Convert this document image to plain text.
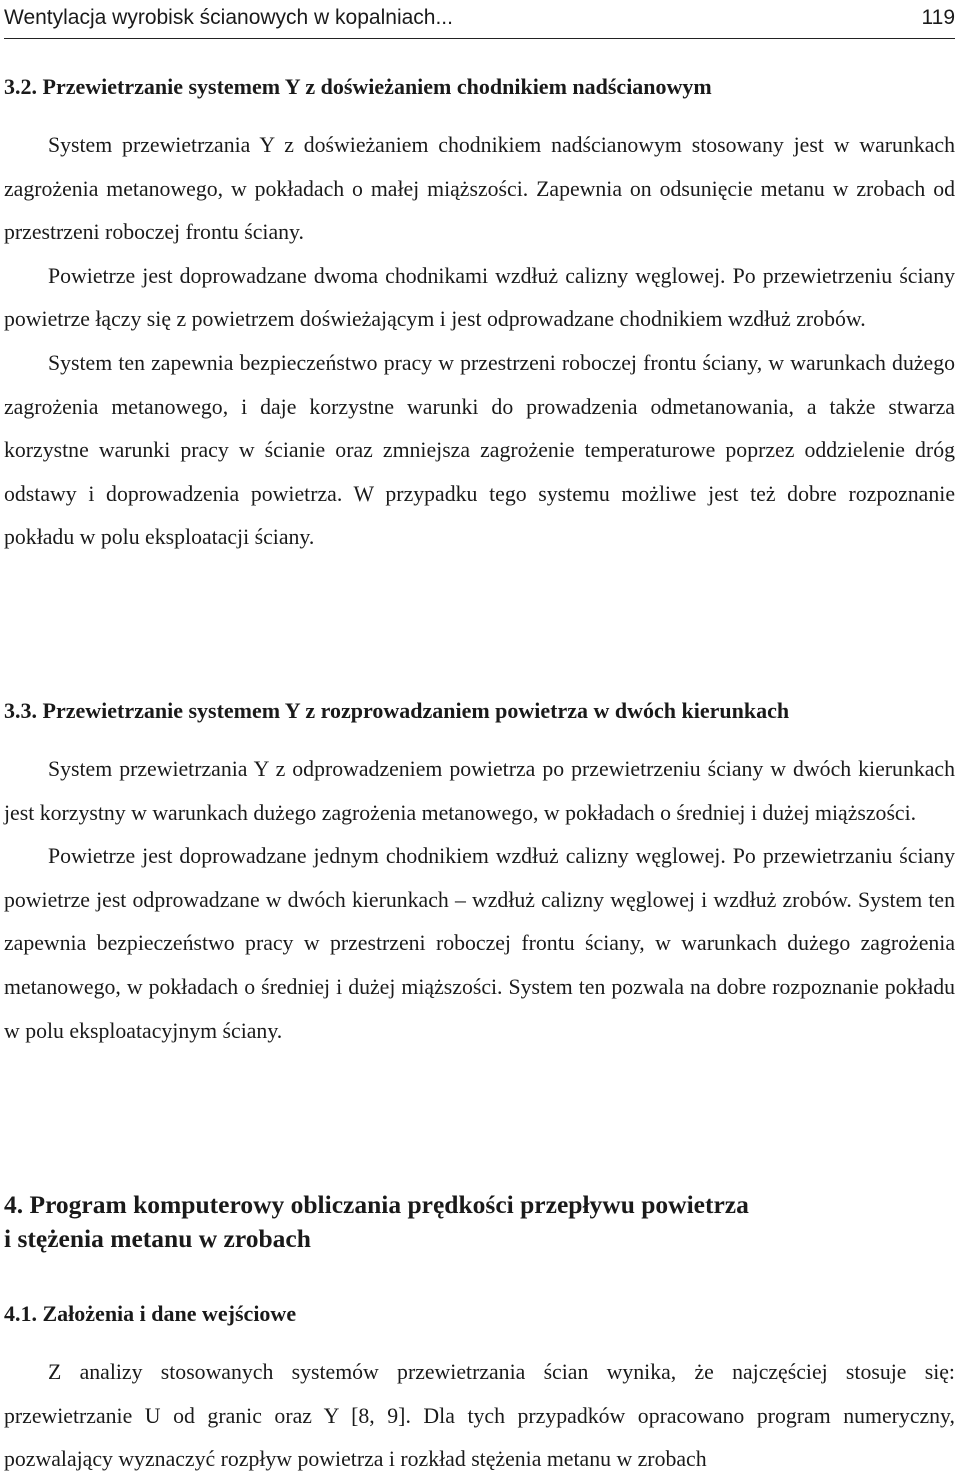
Wentylacja wyrobisk ścianowych w kopalniach...	119
3.2. Przewietrzanie systemem Y z doświeżaniem chodnikiem nadścianowym

System przewietrzania Y z doświeżaniem chodnikiem nadścianowym stosowany jest w warunkach zagrożenia metanowego, w pokładach o małej miąższości. Zapewnia on odsunięcie metanu w zrobach od przestrzeni roboczej frontu ściany.

Powietrze jest doprowadzane dwoma chodnikami wzdłuż calizny węglowej. Po przewietrzeniu ściany powietrze łączy się z powietrzem doświeżającym i jest odprowadzane chodnikiem wzdłuż zrobów.

System ten zapewnia bezpieczeństwo pracy w przestrzeni roboczej frontu ściany, w warunkach dużego zagrożenia metanowego, i daje korzystne warunki do prowadzenia odmetanowania, a także stwarza korzystne warunki pracy w ścianie oraz zmniejsza zagrożenie temperaturowe poprzez oddzielenie dróg odstawy i doprowadzenia powietrza. W przypadku tego systemu możliwe jest też dobre rozpoznanie pokładu w polu eksploatacji ściany.

3.3. Przewietrzanie systemem Y z rozprowadzaniem powietrza w dwóch kierunkach

System przewietrzania Y z odprowadzeniem powietrza po przewietrzeniu ściany w dwóch kierunkach jest korzystny w warunkach dużego zagrożenia metanowego, w pokładach o średniej i dużej miąższości.

Powietrze jest doprowadzane jednym chodnikiem wzdłuż calizny węglowej. Po przewietrzaniu ściany powietrze jest odprowadzane w dwóch kierunkach – wzdłuż calizny węglowej i wzdłuż zrobów. System ten zapewnia bezpieczeństwo pracy w przestrzeni roboczej frontu ściany, w warunkach dużego zagrożenia metanowego, w pokładach o średniej i dużej miąższości. System ten pozwala na dobre rozpoznanie pokładu w polu eksploatacyjnym ściany.

4. Program komputerowy obliczania prędkości przepływu powietrza
i stężenia metanu w zrobach
4.1. Założenia i dane wejściowe

Z analizy stosowanych systemów przewietrzania ścian wynika, że najczęściej stosuje się: przewietrzanie U od granic oraz Y [8, 9]. Dla tych przypadków opracowano program numeryczny, pozwalający wyznaczyć rozpływ powietrza i rozkład stężenia metanu w zrobach
